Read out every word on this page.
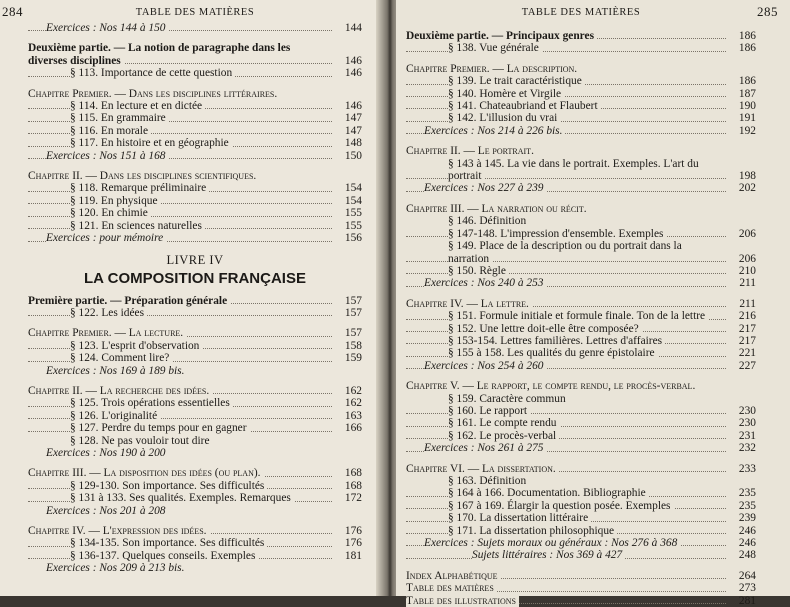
284	TABLE DES MATIÈRES
Exercices : Nos 144 à 150	144
Deuxième partie. — La notion de paragraphe dans les diverses disciplines	146
§ 113. Importance de cette question	146
Chapitre Premier. — Dans les disciplines littéraires.
§ 114. En lecture et en dictée	146
§ 115. En grammaire	147
§ 116. En morale	147
§ 117. En histoire et en géographie	148
Exercices : Nos 151 à 168	150
Chapitre II. — Dans les disciplines scientifiques.
§ 118. Remarque préliminaire	154
§ 119. En physique	154
§ 120. En chimie	155
§ 121. En sciences naturelles	155
Exercices : pour mémoire	156
LIVRE IV
LA COMPOSITION FRANÇAISE
Première partie. — Préparation générale	157
§ 122. Les idées	157
Chapitre Premier. — La lecture.	157
§ 123. L'esprit d'observation	158
§ 124. Comment lire?	159
Exercices : Nos 169 à 189 bis.
Chapitre II. — La recherche des idées.	162
§ 125. Trois opérations essentielles	162
§ 126. L'originalité	163
§ 127. Perdre du temps pour en gagner	166
§ 128. Ne pas vouloir tout dire
Exercices : Nos 190 à 200
Chapitre III. — La disposition des idées (ou plan).	168
§ 129-130. Son importance. Ses difficultés	168
§ 131 à 133. Ses qualités. Exemples. Remarques	172
Exercices : Nos 201 à 208
Chapitre IV. — L'expression des idées.	176
§ 134-135. Son importance. Ses difficultés	176
§ 136-137. Quelques conseils. Exemples	181
Exercices : Nos 209 à 213 bis.
TABLE DES MATIÈRES	285
Deuxième partie. — Principaux genres	186
§ 138. Vue générale	186
Chapitre Premier. — La description.
§ 139. Le trait caractéristique	186
§ 140. Homère et Virgile	187
§ 141. Chateaubriand et Flaubert	190
§ 142. L'illusion du vrai	191
Exercices : Nos 214 à 226 bis.	192
Chapitre II. — Le portrait.
§ 143 à 145. La vie dans le portrait. Exemples. L'art du portrait	198
Exercices : Nos 227 à 239	202
Chapitre III. — La narration ou récit.
§ 146. Définition
§ 147-148. L'impression d'ensemble. Exemples	206
§ 149. Place de la description ou du portrait dans la narration	206
§ 150. Règle	210
Exercices : Nos 240 à 253	211
Chapitre IV. — La lettre.	211
§ 151. Formule initiale et formule finale. Ton de la lettre	216
§ 152. Une lettre doit-elle être composée?	217
§ 153-154. Lettres familières. Lettres d'affaires	217
§ 155 à 158. Les qualités du genre épistolaire	221
Exercices : Nos 254 à 260	227
Chapitre V. — Le rapport, le compte rendu, le procès-verbal.
§ 159. Caractère commun
§ 160. Le rapport	230
§ 161. Le compte rendu	230
§ 162. Le procès-verbal	231
Exercices : Nos 261 à 275	232
Chapitre VI. — La dissertation.	233
§ 163. Définition
§ 164 à 166. Documentation. Bibliographie	235
§ 167 à 169. Élargir la question posée. Exemples	235
§ 170. La dissertation littéraire	239
§ 171. La dissertation philosophique	246
Exercices : Sujets moraux ou généraux : Nos 276 à 368	246
Sujets littéraires : Nos 369 à 427	248
Index Alphabétique	264
Table des matières	273
Table des illustrations	281
